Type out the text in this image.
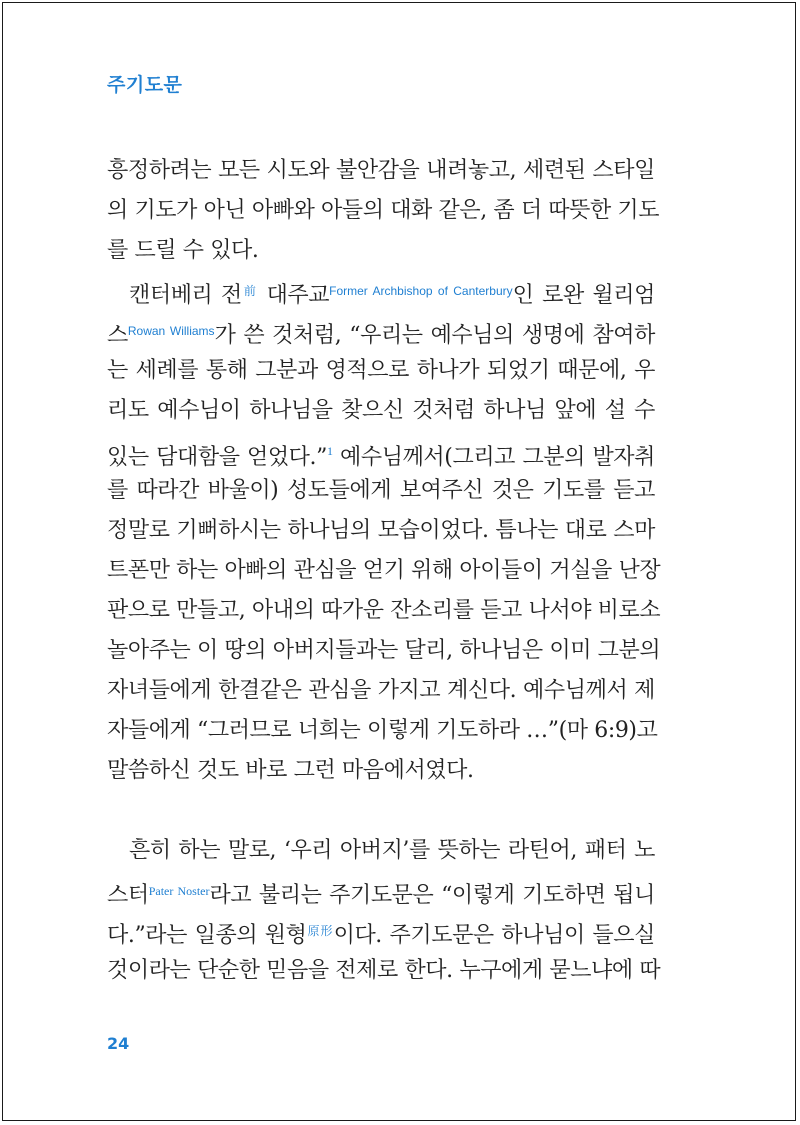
주기도문
흥정하려는 모든 시도와 불안감을 내려놓고, 세련된 스타일
의 기도가 아닌 아빠와 아들의 대화 같은, 좀 더 따뜻한 기도
를 드릴 수 있다.
캔터베리 전$^前$ 대주교$^{Former Archbishop of Canterbury}$인 로완 윌리엄
스$^{Rowan Williams}$가 쓴 것처럼, “우리는 예수님의 생명에 참여하
는 세례를 통해 그분과 영적으로 하나가 되었기 때문에, 우
리도 예수님이 하나님을 찾으신 것처럼 하나님 앞에 설 수
있는 담대함을 얻었다.”$^1$ 예수님께서(그리고 그분의 발자취
를 따라간 바울이) 성도들에게 보여주신 것은 기도를 듣고
정말로 기뻐하시는 하나님의 모습이었다. 틈나는 대로 스마
트폰만 하는 아빠의 관심을 얻기 위해 아이들이 거실을 난장
판으로 만들고, 아내의 따가운 잔소리를 듣고 나서야 비로소
놀아주는 이 땅의 아버지들과는 달리, 하나님은 이미 그분의
자녀들에게 한결같은 관심을 가지고 계신다. 예수님께서 제
자들에게 “그러므로 너희는 이렇게 기도하라 …”(마 6:9)고
말씀하신 것도 바로 그런 마음에서였다.
흔히 하는 말로, ‘우리 아버지’를 뜻하는 라틴어, 패터 노
스터$^{Pater Noster}$라고 불리는 주기도문은 “이렇게 기도하면 됩니
다.”라는 일종의 원형$^{原形}$이다. 주기도문은 하나님이 들으실
것이라는 단순한 믿음을 전제로 한다. 누구에게 묻느냐에 따
24
